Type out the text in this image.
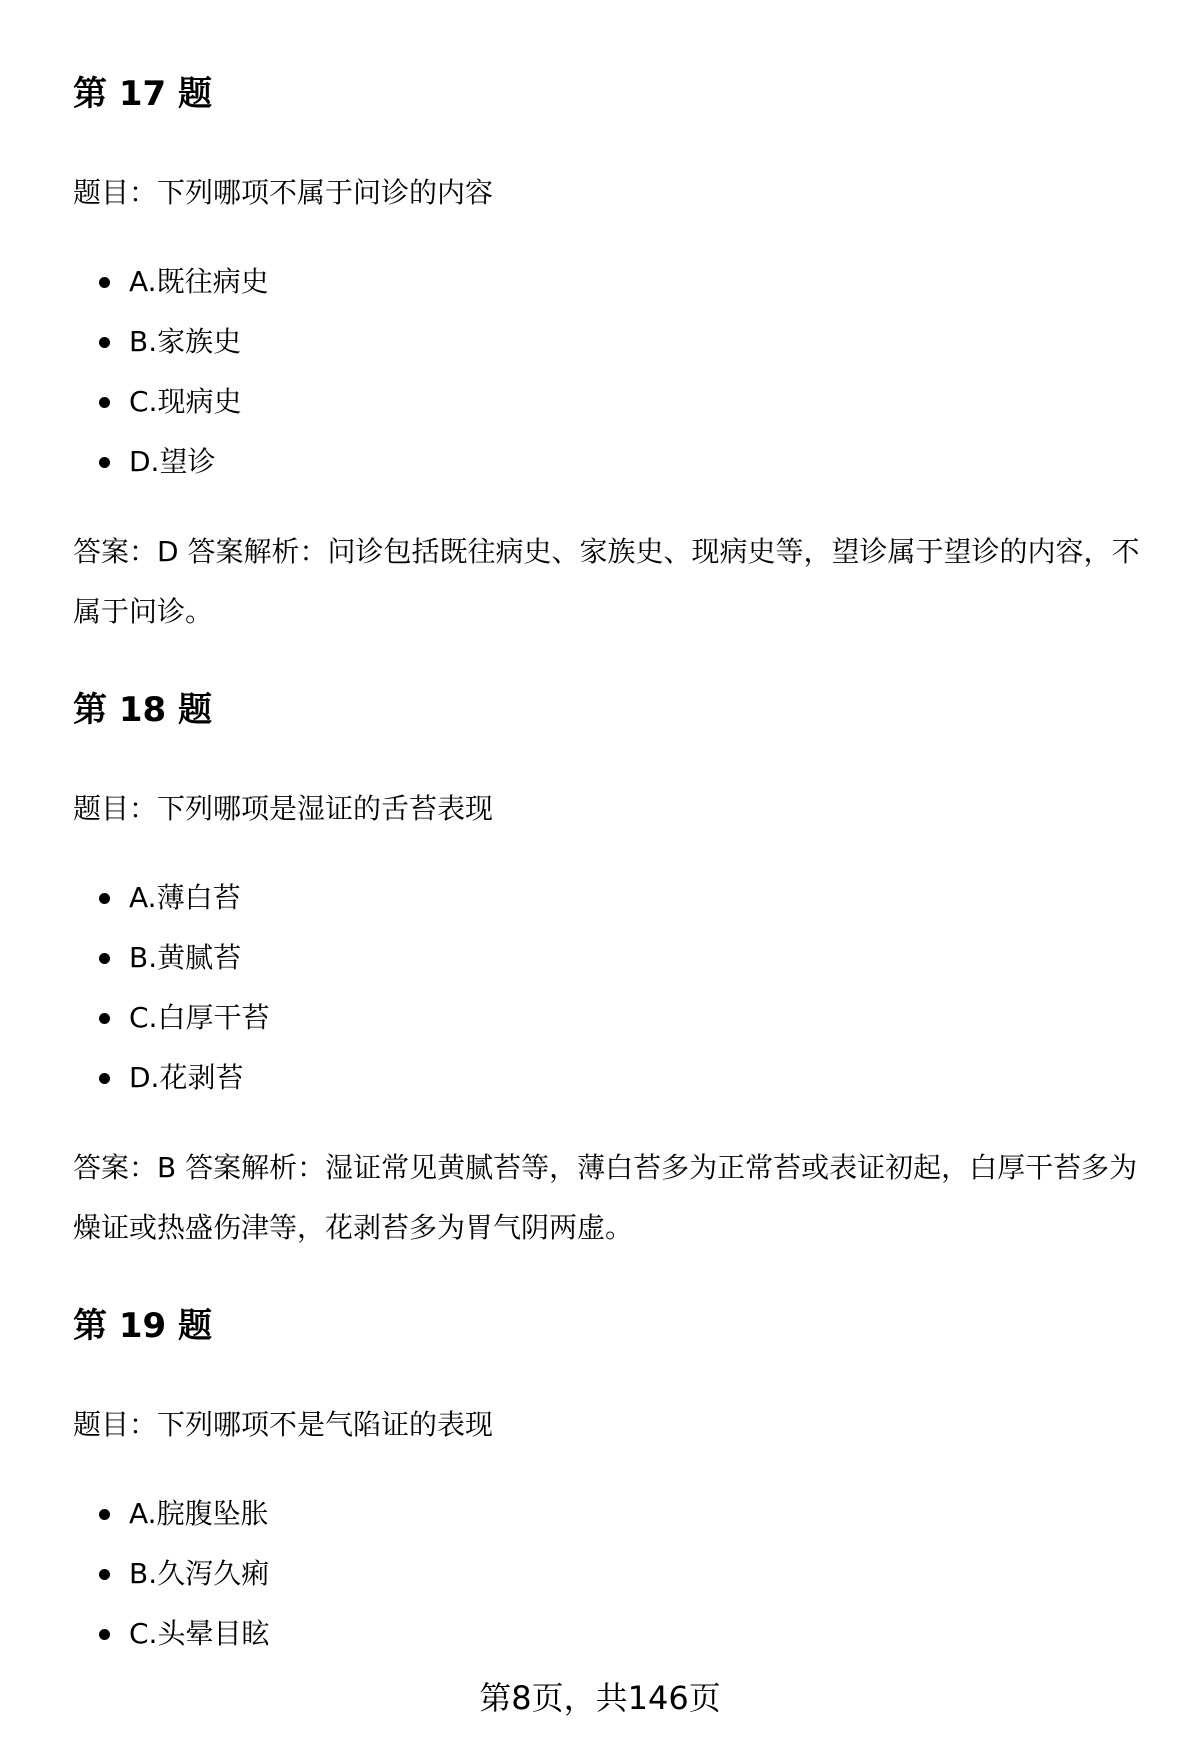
第 17 题
题目：下列哪项不属于问诊的内容
A.既往病史
B.家族史
C.现病史
D.望诊
答案：D 答案解析：问诊包括既往病史、家族史、现病史等，望诊属于望诊的内容，不属于问诊。
第 18 题
题目：下列哪项是湿证的舌苔表现
A.薄白苔
B.黄腻苔
C.白厚干苔
D.花剥苔
答案：B 答案解析：湿证常见黄腻苔等，薄白苔多为正常苔或表证初起，白厚干苔多为燥证或热盛伤津等，花剥苔多为胃气阴两虚。
第 19 题
题目：下列哪项不是气陷证的表现
A.脘腹坠胀
B.久泻久痢
C.头晕目眩
第8页，共146页
